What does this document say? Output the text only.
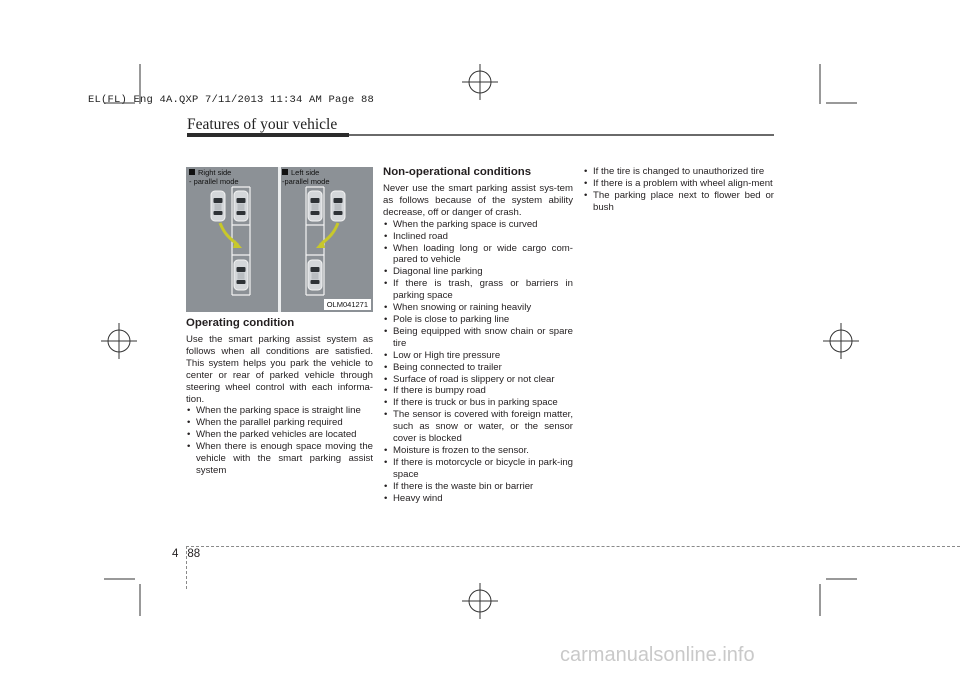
EL(FL) Eng 4A.QXP 7/11/2013 11:34 AM Page 88
Features of your vehicle
Right side
- parallel mode
Left side
-parallel mode
OLM041271
Operating condition

Use the smart parking assist system as follows when all conditions are satisfied. This system helps you park the vehicle to center or rear of parked vehicle through steering wheel control with each informa-tion.

• When the parking space is straight line
• When the parallel parking required
• When the parked vehicles are located
• When there is enough space moving the vehicle with the smart parking assist system
Non-operational conditions

Never use the smart parking assist sys-tem as follows because of the system ability decrease, off or danger of crash.

• When the parking space is curved
• Inclined road
• When loading long or wide cargo com-pared to vehicle
• Diagonal line parking
• If there is trash, grass or barriers in parking space
• When snowing or raining heavily
• Pole is close to parking line
• Being equipped with snow chain or spare tire
• Low or High tire pressure
• Being connected to trailer
• Surface of road is slippery or not clear
• If there is bumpy road
• If there is truck or bus in parking space
• The sensor is covered with foreign matter, such as snow or water, or the sensor cover is blocked
• Moisture is frozen to the sensor.
• If there is motorcycle or bicycle in park-ing space
• If there is the waste bin or barrier
• Heavy wind
• If the tire is changed to unauthorized tire
• If there is a problem with wheel align-ment
• The parking place next to flower bed or bush
4 88
carmanualsonline.info
